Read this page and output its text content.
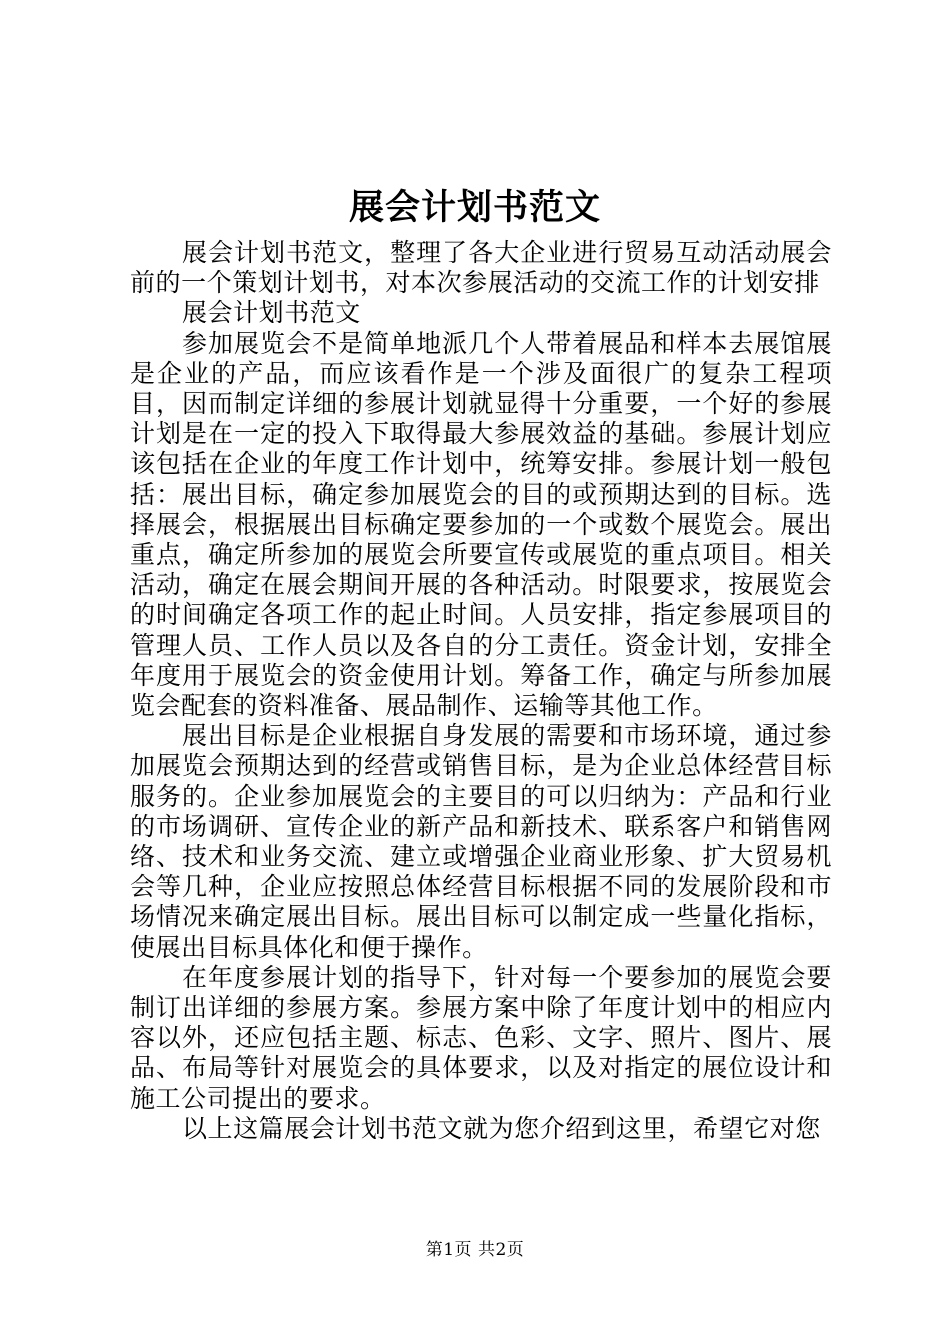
展会计划书范文

展会计划书范文，整理了各大企业进行贸易互动活动展会前的一个策划计划书，对本次参展活动的交流工作的计划安排

展会计划书范文

参加展览会不是简单地派几个人带着展品和样本去展馆展是企业的产品，而应该看作是一个涉及面很广的复杂工程项目，因而制定详细的参展计划就显得十分重要，一个好的参展计划是在一定的投入下取得最大参展效益的基础。参展计划应该包括在企业的年度工作计划中，统筹安排。参展计划一般包括：展出目标，确定参加展览会的目的或预期达到的目标。选择展会，根据展出目标确定要参加的一个或数个展览会。展出重点，确定所参加的展览会所要宣传或展览的重点项目。相关活动，确定在展会期间开展的各种活动。时限要求，按展览会的时间确定各项工作的起止时间。人员安排，指定参展项目的管理人员、工作人员以及各自的分工责任。资金计划，安排全年度用于展览会的资金使用计划。筹备工作，确定与所参加展览会配套的资料准备、展品制作、运输等其他工作。

展出目标是企业根据自身发展的需要和市场环境，通过参加展览会预期达到的经营或销售目标，是为企业总体经营目标服务的。企业参加展览会的主要目的可以归纳为：产品和行业的市场调研、宣传企业的新产品和新技术、联系客户和销售网络、技术和业务交流、建立或增强企业商业形象、扩大贸易机会等几种，企业应按照总体经营目标根据不同的发展阶段和市场情况来确定展出目标。展出目标可以制定成一些量化指标，使展出目标具体化和便于操作。

在年度参展计划的指导下，针对每一个要参加的展览会要制订出详细的参展方案。参展方案中除了年度计划中的相应内容以外，还应包括主题、标志、色彩、文字、照片、图片、展品、布局等针对展览会的具体要求，以及对指定的展位设计和施工公司提出的要求。

以上这篇展会计划书范文就为您介绍到这里，希望它对您

第1页 共2页
